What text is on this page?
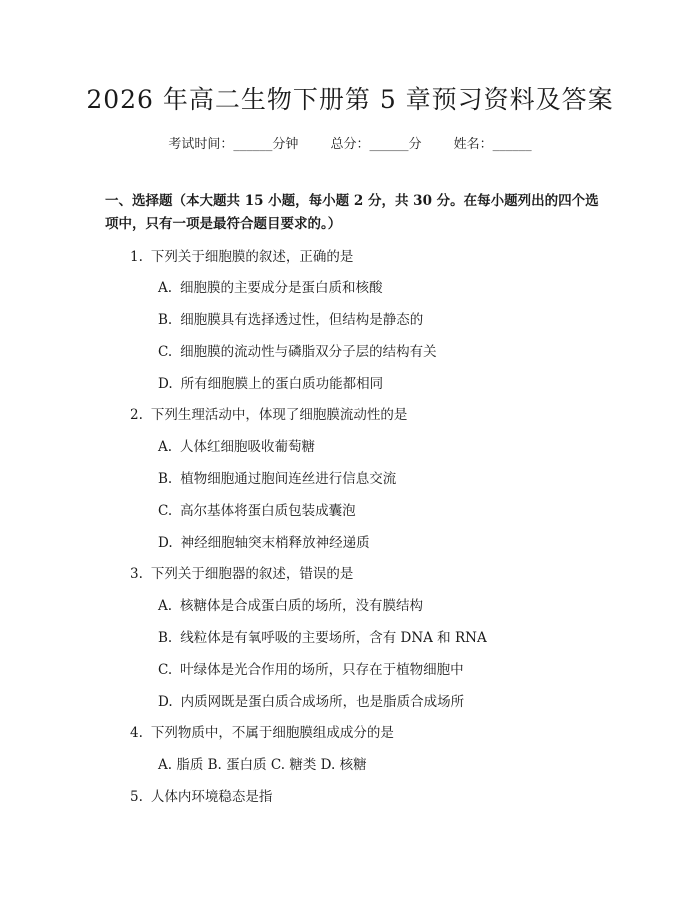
2026 年高二生物下册第 5 章预习资料及答案
考试时间：______分钟 总分：______分 姓名：______
一、选择题（本大题共 15 小题，每小题 2 分，共 30 分。在每小题列出的四个选项中，只有一项是最符合题目要求的。）
1. 下列关于细胞膜的叙述，正确的是
A. 细胞膜的主要成分是蛋白质和核酸
B. 细胞膜具有选择透过性，但结构是静态的
C. 细胞膜的流动性与磷脂双分子层的结构有关
D. 所有细胞膜上的蛋白质功能都相同
2. 下列生理活动中，体现了细胞膜流动性的是
A. 人体红细胞吸收葡萄糖
B. 植物细胞通过胞间连丝进行信息交流
C. 高尔基体将蛋白质包装成囊泡
D. 神经细胞轴突末梢释放神经递质
3. 下列关于细胞器的叙述，错误的是
A. 核糖体是合成蛋白质的场所，没有膜结构
B. 线粒体是有氧呼吸的主要场所，含有 DNA 和 RNA
C. 叶绿体是光合作用的场所，只存在于植物细胞中
D. 内质网既是蛋白质合成场所，也是脂质合成场所
4. 下列物质中，不属于细胞膜组成成分的是
A. 脂质 B. 蛋白质 C. 糖类 D. 核糖
5. 人体内环境稳态是指
